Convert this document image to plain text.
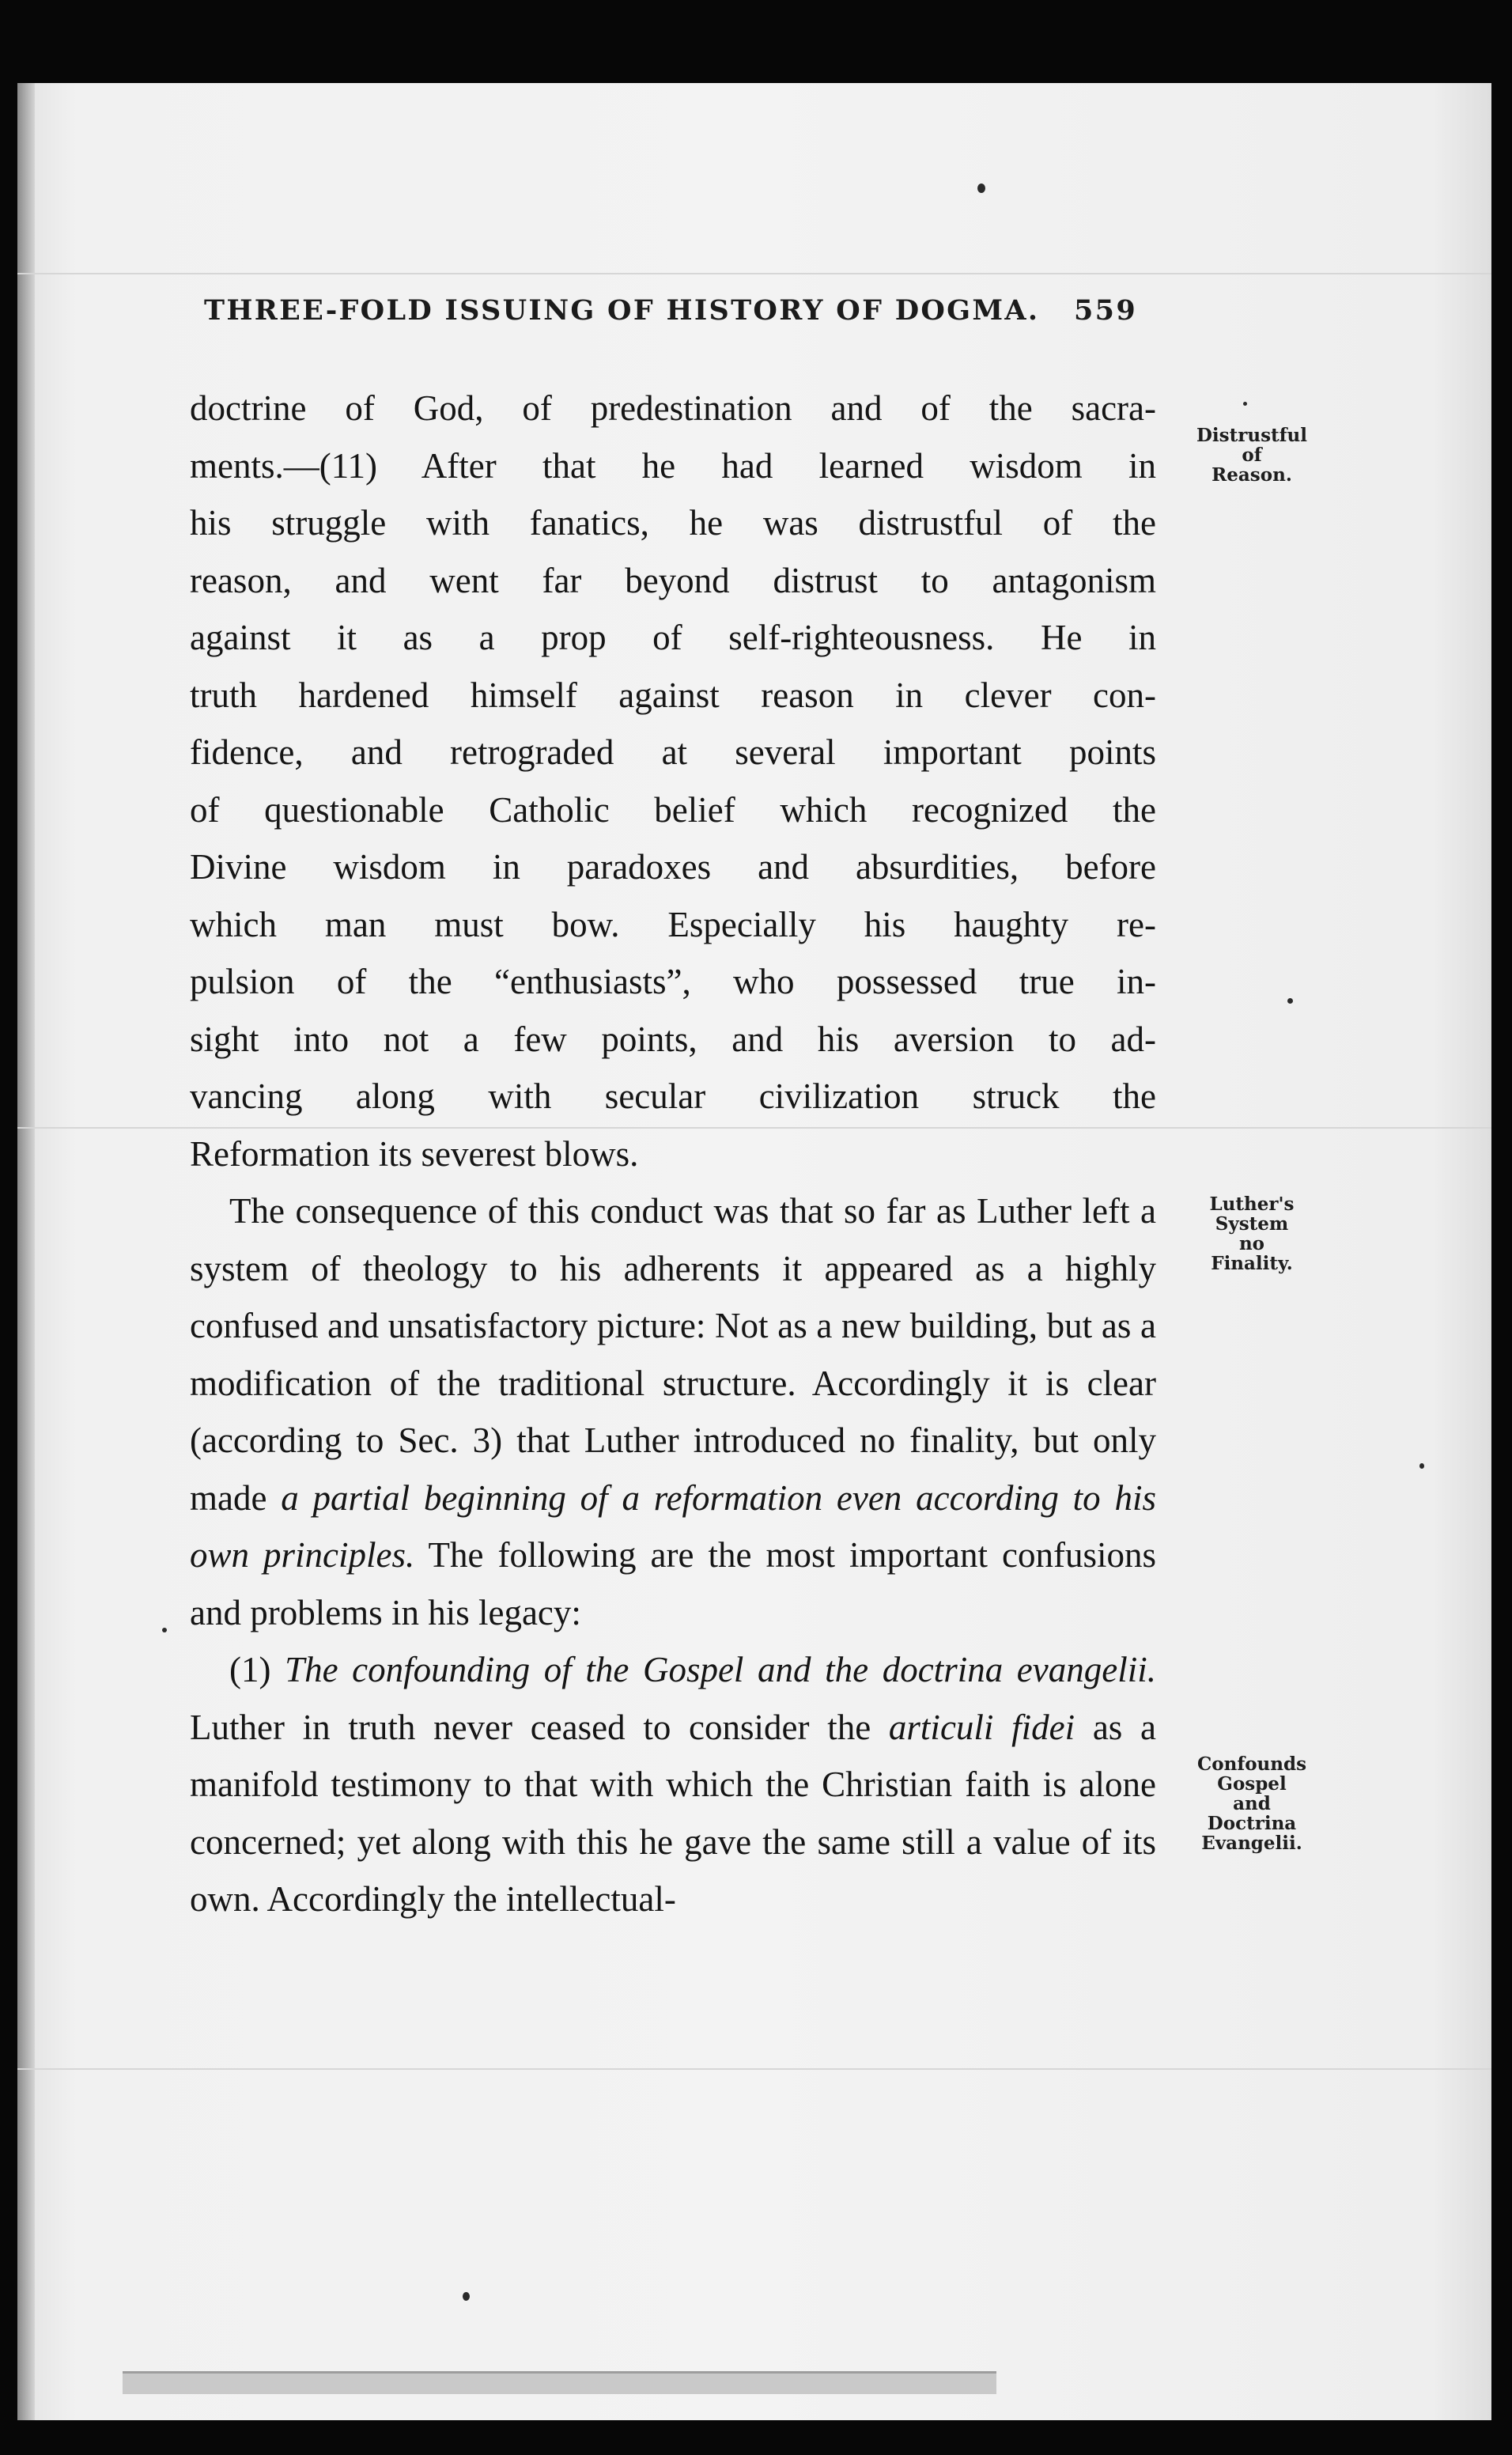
THREE-FOLD ISSUING OF HISTORY OF DOGMA. 559

doctrine of God, of predestination and of the sacra-

ments.—(11) After that he had learned wisdom in

his struggle with fanatics, he was distrustful of the

reason, and went far beyond distrust to antagonism

against it as a prop of self-righteousness. He in

truth hardened himself against reason in clever con-

fidence, and retrograded at several important points

of questionable Catholic belief which recognized the

Divine wisdom in paradoxes and absurdities, before

which man must bow. Especially his haughty re-

pulsion of the “enthusiasts”, who possessed true in-

sight into not a few points, and his aversion to ad-

vancing along with secular civilization struck the

Reformation its severest blows.

The consequence of this conduct was that so far as Luther left a system of theology to his adherents it appeared as a highly confused and unsatisfactory picture: Not as a new building, but as a modification of the traditional structure. Accordingly it is clear (according to Sec. 3) that Luther introduced no finality, but only made a partial beginning of a reformation even according to his own principles. The following are the most important confusions and problems in his legacy:

(1) The confounding of the Gospel and the doctrina evangelii. Luther in truth never ceased to consider the articuli fidei as a manifold testimony to that with which the Christian faith is alone concerned; yet along with this he gave the same still a value of its own. Accordingly the intellectual-

Distrustful
of
Reason.
Luther's
System
no
Finality.
Confounds
Gospel
and
Doctrina
Evangelii.
